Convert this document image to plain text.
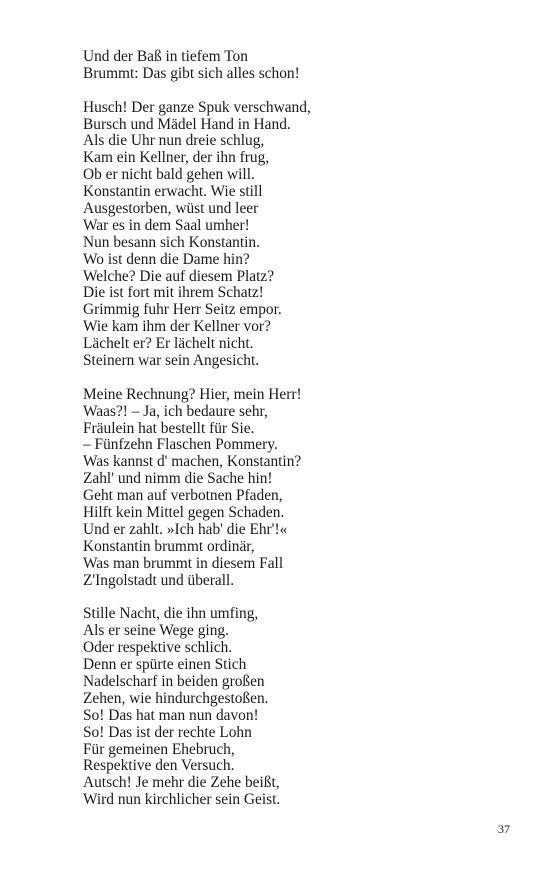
Und der Baß in tiefem Ton
Brummt: Das gibt sich alles schon!
Husch! Der ganze Spuk verschwand,
Bursch und Mädel Hand in Hand.
Als die Uhr nun dreie schlug,
Kam ein Kellner, der ihn frug,
Ob er nicht bald gehen will.
Konstantin erwacht. Wie still
Ausgestorben, wüst und leer
War es in dem Saal umher!
Nun besann sich Konstantin.
Wo ist denn die Dame hin?
Welche? Die auf diesem Platz?
Die ist fort mit ihrem Schatz!
Grimmig fuhr Herr Seitz empor.
Wie kam ihm der Kellner vor?
Lächelt er? Er lächelt nicht.
Steinern war sein Angesicht.
Meine Rechnung? Hier, mein Herr!
Waas?! – Ja, ich bedaure sehr,
Fräulein hat bestellt für Sie.
– Fünfzehn Flaschen Pommery.
Was kannst d' machen, Konstantin?
Zahl' und nimm die Sache hin!
Geht man auf verbotnen Pfaden,
Hilft kein Mittel gegen Schaden.
Und er zahlt. »Ich hab' die Ehr'!«
Konstantin brummt ordinär,
Was man brummt in diesem Fall
Z'Ingolstadt und überall.
Stille Nacht, die ihn umfing,
Als er seine Wege ging.
Oder respektive schlich.
Denn er spürte einen Stich
Nadelscharf in beiden großen
Zehen, wie hindurchgestoßen.
So! Das hat man nun davon!
So! Das ist der rechte Lohn
Für gemeinen Ehebruch,
Respektive den Versuch.
Autsch! Je mehr die Zehe beißt,
Wird nun kirchlicher sein Geist.
37
